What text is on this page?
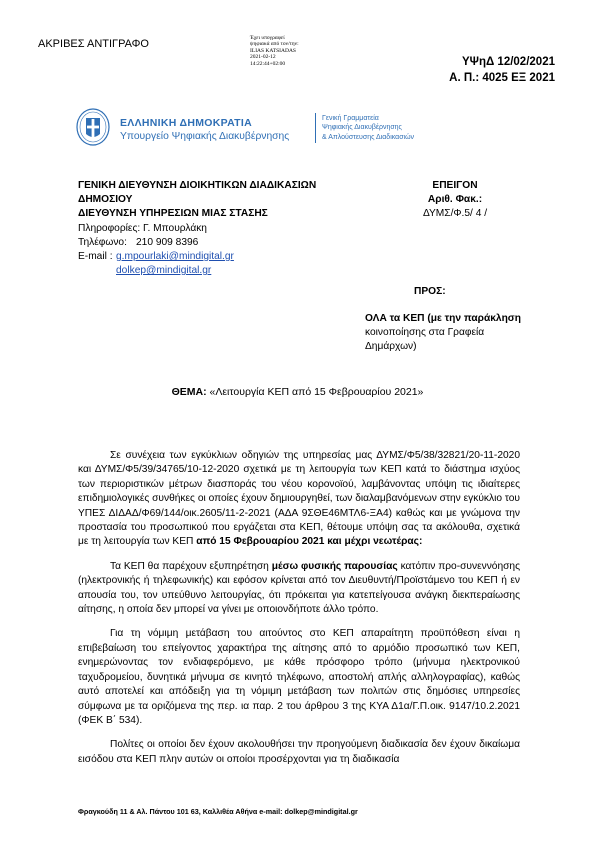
ΑΚΡΙΒΕΣ ΑΝΤΙΓΡΑΦΟ	Έχει υπογραφεί
ψηφιακά από τον/την:
ILIAS KATSIADAS
2021-02-12
14:22:44+02:00	ΥΨηΔ 12/02/2021
Α. Π.: 4025 ΕΞ 2021
ΕΛΛΗΝΙΚΗ ΔΗΜΟΚΡΑΤΙΑ
Υπουργείο Ψηφιακής Διακυβέρνησης
Γενική Γραμματεία
Ψηφιακής Διακυβέρνησης
& Απλούστευσης Διαδικασιών
ΓΕΝΙΚΗ ΔΙΕΥΘΥΝΣΗ ΔΙΟΙΚΗΤΙΚΩΝ ΔΙΑΔΙΚΑΣΙΩΝ
ΔΗΜΟΣΙΟΥ
ΔΙΕΥΘΥΝΣΗ ΥΠΗΡΕΣΙΩΝ ΜΙΑΣ ΣΤΑΣΗΣ
Πληροφορίες: Γ. Μπουρλάκη
Τηλέφωνο: 210 909 8396
E-mail : g.mpourlaki@mindigital.gr
dolkep@mindigital.gr
ΕΠΕΙΓΟΝ
Αριθ. Φακ.:
ΔΥΜΣ/Φ.5/ 4 /
ΠΡΟΣ:
ΟΛΑ τα ΚΕΠ (με την παράκληση
κοινοποίησης στα Γραφεία
Δημάρχων)
ΘΕΜΑ: «Λειτουργία ΚΕΠ από 15 Φεβρουαρίου 2021»

Σε συνέχεια των εγκύκλιων οδηγιών της υπηρεσίας μας ΔΥΜΣ/Φ5/38/32821/20-11-2020 και ΔΥΜΣ/Φ5/39/34765/10-12-2020 σχετικά με τη λειτουργία των ΚΕΠ κατά το διάστημα ισχύος των περιοριστικών μέτρων διασποράς του νέου κορονοϊού, λαμβάνοντας υπόψη τις ιδιαίτερες επιδημιολογικές συνθήκες οι οποίες έχουν δημιουργηθεί, των διαλαμβανόμενων στην εγκύκλιο του ΥΠΕΣ ΔΙΔΑΔ/Φ69/144/οικ.2605/11-2-2021 (ΑΔΑ 9ΣΘΕ46ΜΤΛ6-ΞΑ4) καθώς και με γνώμονα την προστασία του προσωπικού που εργάζεται στα ΚΕΠ, θέτουμε υπόψη σας τα ακόλουθα, σχετικά με τη λειτουργία των ΚΕΠ από 15 Φεβρουαρίου 2021 και μέχρι νεωτέρας:

Τα ΚΕΠ θα παρέχουν εξυπηρέτηση μέσω φυσικής παρουσίας κατόπιν προ-συνεννόησης (ηλεκτρονικής ή τηλεφωνικής) και εφόσον κρίνεται από τον Διευθυντή/Προϊστάμενο του ΚΕΠ ή εν απουσία του, τον υπεύθυνο λειτουργίας, ότι πρόκειται για κατεπείγουσα ανάγκη διεκπεραίωσης αίτησης, η οποία δεν μπορεί να γίνει με οποιονδήποτε άλλο τρόπο.

Για τη νόμιμη μετάβαση του αιτούντος στο ΚΕΠ απαραίτητη προϋπόθεση είναι η επιβεβαίωση του επείγοντος χαρακτήρα της αίτησης από το αρμόδιο προσωπικό των ΚΕΠ, ενημερώνοντας τον ενδιαφερόμενο, με κάθε πρόσφορο τρόπο (μήνυμα ηλεκτρονικού ταχυδρομείου, δυνητικά μήνυμα σε κινητό τηλέφωνο, αποστολή απλής αλληλογραφίας), καθώς αυτό αποτελεί και απόδειξη για τη νόμιμη μετάβαση των πολιτών στις δημόσιες υπηρεσίες σύμφωνα με τα οριζόμενα της περ. ια παρ. 2 του άρθρου 3 της ΚΥΑ Δ1α/Γ.Π.οικ. 9147/10.2.2021 (ΦΕΚ Β΄ 534).

Πολίτες οι οποίοι δεν έχουν ακολουθήσει την προηγούμενη διαδικασία δεν έχουν δικαίωμα εισόδου στα ΚΕΠ πλην αυτών οι οποίοι προσέρχονται για τη διαδικασία

Φραγκούδη 11 & Αλ. Πάντου 101 63, Καλλιθέα Αθήνα e-mail: dolkep@mindigital.gr
